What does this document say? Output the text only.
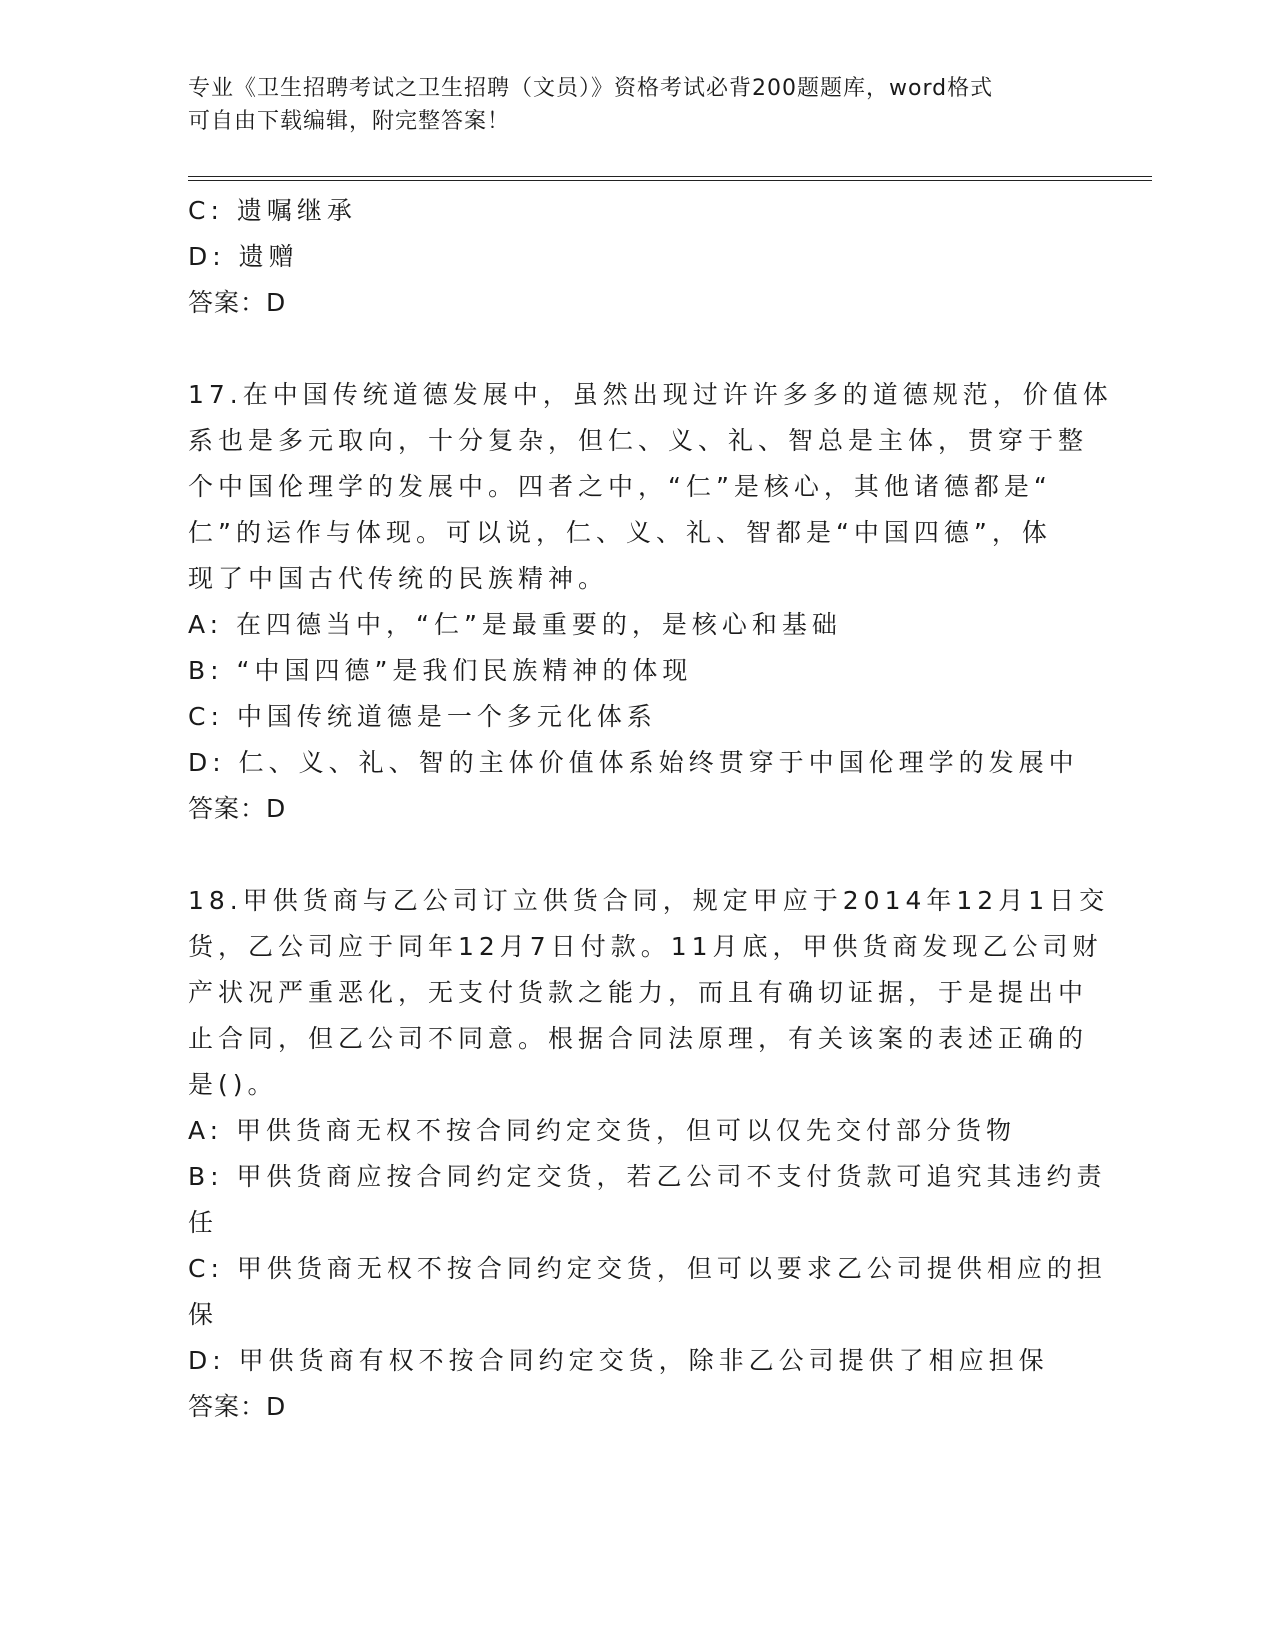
专业《卫生招聘考试之卫生招聘（文员）》资格考试必背200题题库，word格式
可自由下载编辑，附完整答案！

C: 遗嘱继承

D: 遗赠

答案：D

17.在中国传统道德发展中，虽然出现过许许多多的道德规范，价值体

系也是多元取向，十分复杂，但仁、义、礼、智总是主体，贯穿于整

个中国伦理学的发展中。四者之中，“仁”是核心，其他诸德都是“

仁”的运作与体现。可以说，仁、义、礼、智都是“中国四德”，体

现了中国古代传统的民族精神。

A: 在四德当中，“仁”是最重要的，是核心和基础

B: “中国四德”是我们民族精神的体现

C: 中国传统道德是一个多元化体系

D: 仁、义、礼、智的主体价值体系始终贯穿于中国伦理学的发展中

答案：D

18.甲供货商与乙公司订立供货合同，规定甲应于2014年12月1日交

货，乙公司应于同年12月7日付款。11月底，甲供货商发现乙公司财

产状况严重恶化，无支付货款之能力，而且有确切证据，于是提出中

止合同，但乙公司不同意。根据合同法原理，有关该案的表述正确的

是()。

A: 甲供货商无权不按合同约定交货，但可以仅先交付部分货物

B: 甲供货商应按合同约定交货，若乙公司不支付货款可追究其违约责

任

C: 甲供货商无权不按合同约定交货，但可以要求乙公司提供相应的担

保

D: 甲供货商有权不按合同约定交货，除非乙公司提供了相应担保

答案：D
